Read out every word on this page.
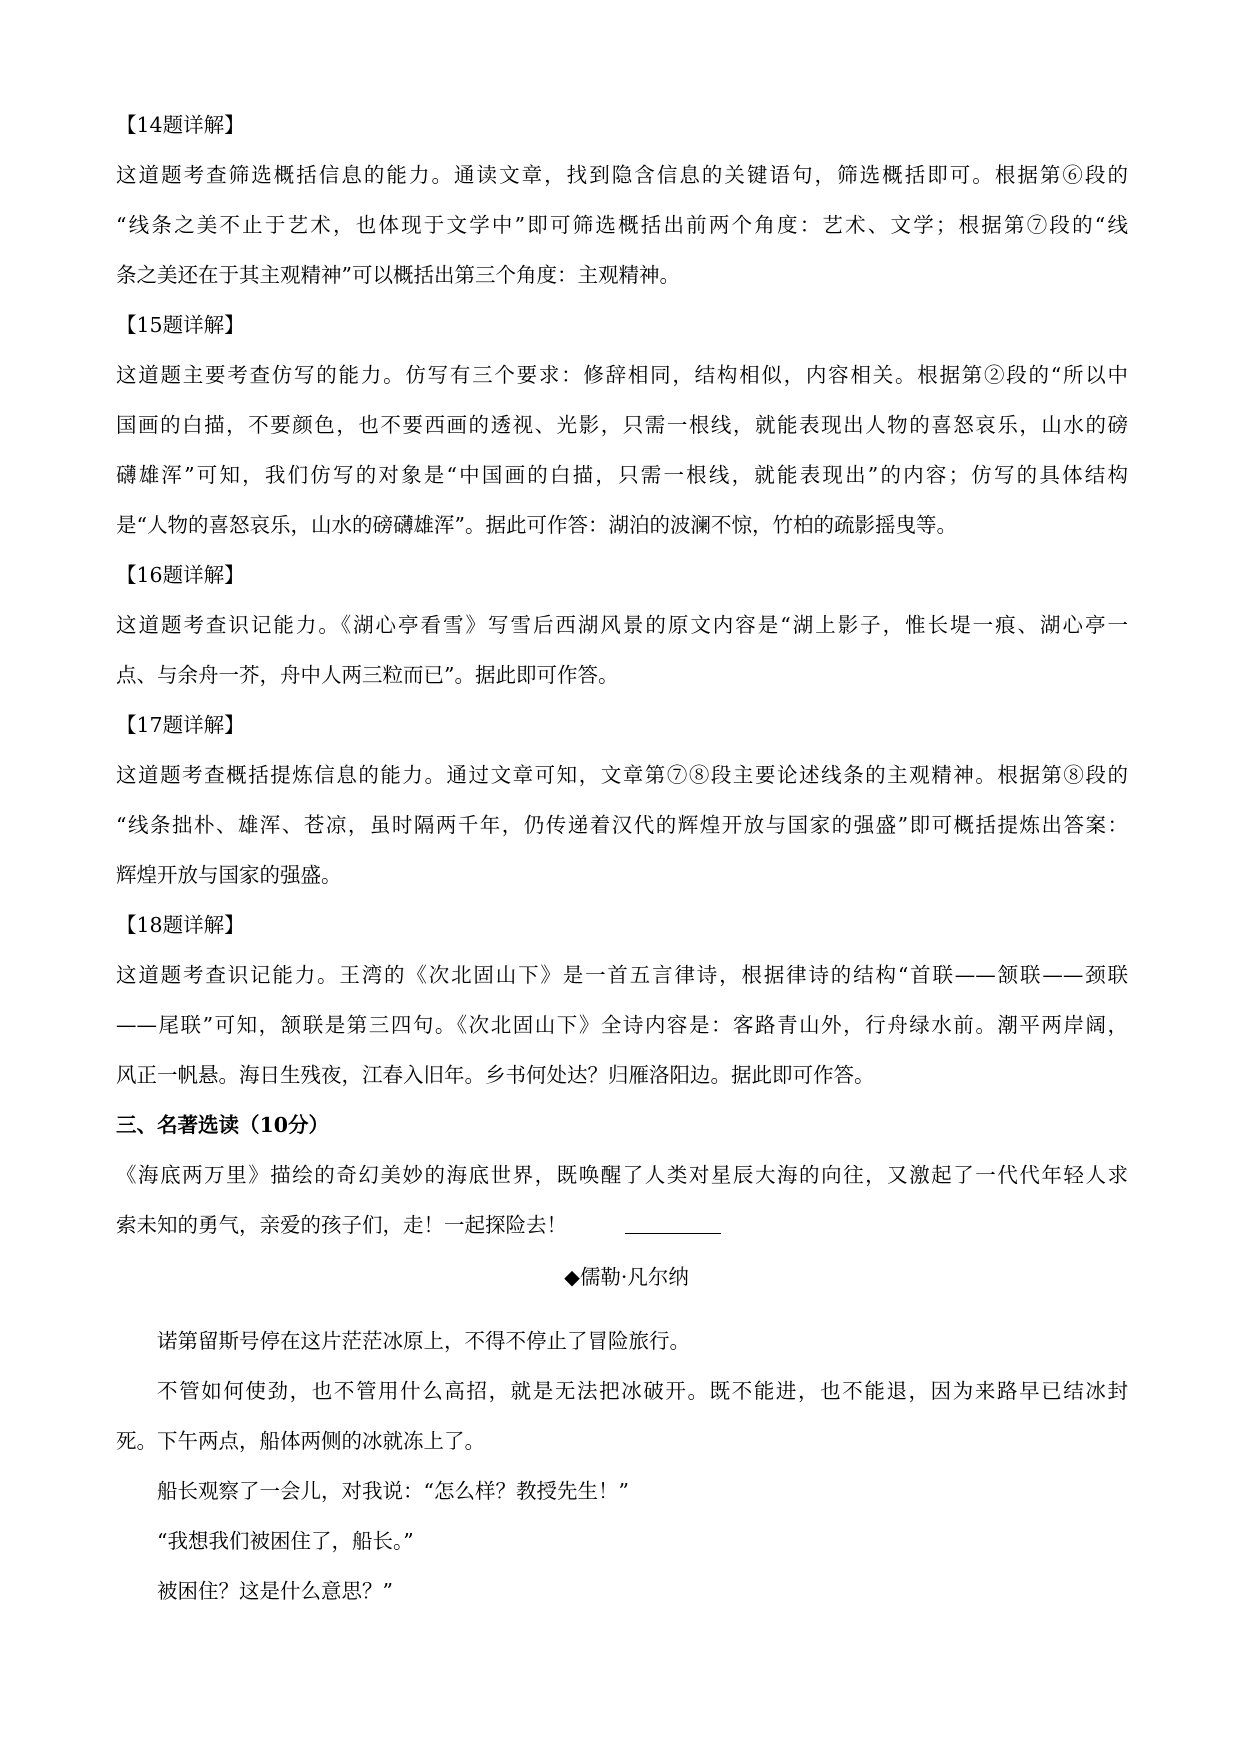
【14题详解】
这道题考查筛选概括信息的能力。通读文章，找到隐含信息的关键语句，筛选概括即可。根据第⑥段的
“线条之美不止于艺术，也体现于文学中”即可筛选概括出前两个角度：艺术、文学；根据第⑦段的“线
条之美还在于其主观精神”可以概括出第三个角度：主观精神。
【15题详解】
这道题主要考查仿写的能力。仿写有三个要求：修辞相同，结构相似，内容相关。根据第②段的“所以中
国画的白描，不要颜色，也不要西画的透视、光影，只需一根线，就能表现出人物的喜怒哀乐，山水的磅
礴雄浑”可知，我们仿写的对象是“中国画的白描，只需一根线，就能表现出”的内容；仿写的具体结构
是“人物的喜怒哀乐，山水的磅礴雄浑”。据此可作答：湖泊的波澜不惊，竹柏的疏影摇曳等。
【16题详解】
这道题考查识记能力。《湖心亭看雪》写雪后西湖风景的原文内容是“湖上影子，惟长堤一痕、湖心亭一
点、与余舟一芥，舟中人两三粒而已”。据此即可作答。
【17题详解】
这道题考查概括提炼信息的能力。通过文章可知，文章第⑦⑧段主要论述线条的主观精神。根据第⑧段的
“线条拙朴、雄浑、苍凉，虽时隔两千年，仍传递着汉代的辉煌开放与国家的强盛”即可概括提炼出答案：
辉煌开放与国家的强盛。
【18题详解】
这道题考查识记能力。王湾的《次北固山下》是一首五言律诗，根据律诗的结构“首联——颔联——颈联
——尾联”可知，颔联是第三四句。《次北固山下》全诗内容是：客路青山外，行舟绿水前。潮平两岸阔，
风正一帆悬。海日生残夜，江春入旧年。乡书何处达？归雁洛阳边。据此即可作答。
三、名著选读（10分）
《海底两万里》描绘的奇幻美妙的海底世界，既唤醒了人类对星辰大海的向往，又激起了一代代年轻人求
索未知的勇气，亲爱的孩子们，走！一起探险去！
◆儒勒·凡尔纳
诺第留斯号停在这片茫茫冰原上，不得不停止了冒险旅行。
不管如何使劲，也不管用什么高招，就是无法把冰破开。既不能进，也不能退，因为来路早已结冰封
死。下午两点，船体两侧的冰就冻上了。
船长观察了一会儿，对我说：“怎么样？教授先生！”
“我想我们被困住了，船长。”
被困住？这是什么意思？”
